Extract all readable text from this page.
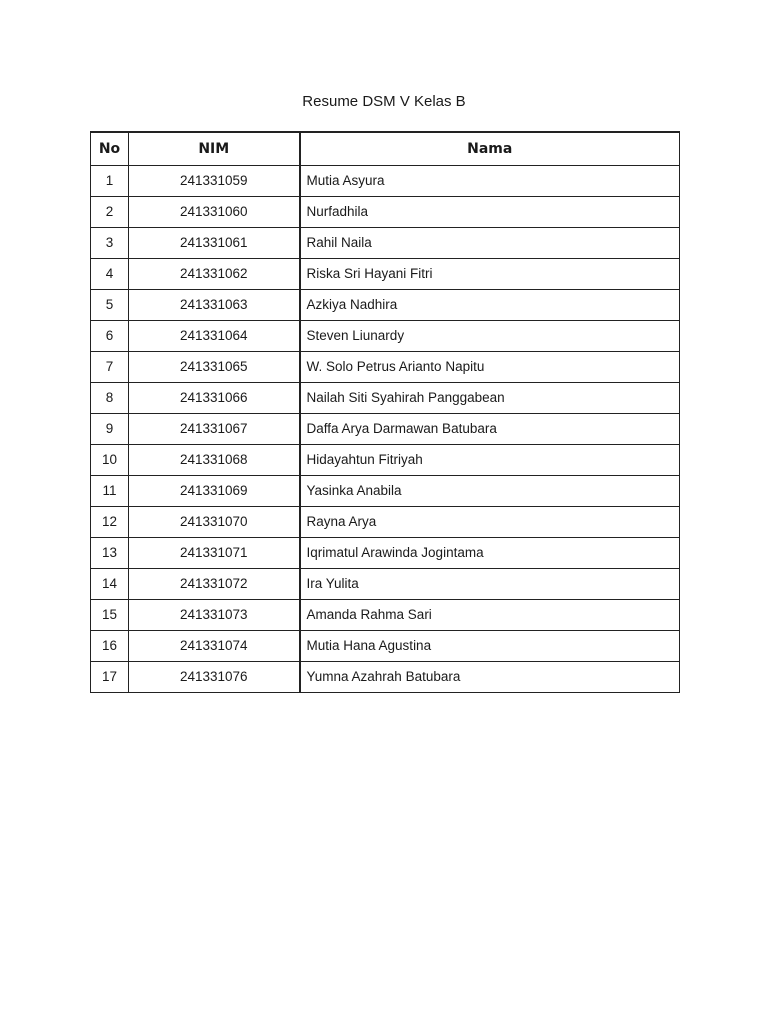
Resume DSM V Kelas B
No	NIM	Nama
1	241331059	Mutia Asyura
2	241331060	Nurfadhila
3	241331061	Rahil Naila
4	241331062	Riska Sri Hayani Fitri
5	241331063	Azkiya Nadhira
6	241331064	Steven Liunardy
7	241331065	W. Solo Petrus Arianto Napitu
8	241331066	Nailah Siti Syahirah Panggabean
9	241331067	Daffa Arya Darmawan Batubara
10	241331068	Hidayahtun Fitriyah
11	241331069	Yasinka Anabila
12	241331070	Rayna Arya
13	241331071	Iqrimatul Arawinda Jogintama
14	241331072	Ira Yulita
15	241331073	Amanda Rahma Sari
16	241331074	Mutia Hana Agustina
17	241331076	Yumna Azahrah Batubara
